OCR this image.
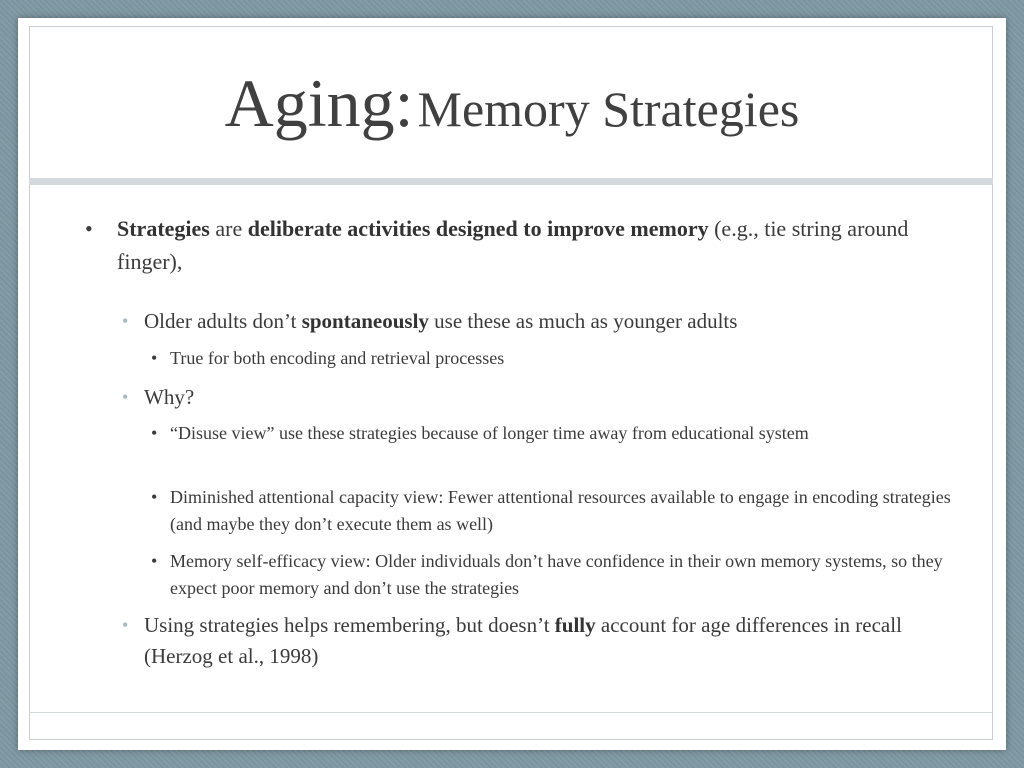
Aging: Memory Strategies
• Strategies are deliberate activities designed to improve memory (e.g., tie string around finger),
• Older adults don’t spontaneously use these as much as younger adults
• True for both encoding and retrieval processes
• Why?
• “Disuse view” use these strategies because of longer time away from educational system
• Diminished attentional capacity view: Fewer attentional resources available to engage in encoding strategies (and maybe they don’t execute them as well)
• Memory self-efficacy view: Older individuals don’t have confidence in their own memory systems, so they expect poor memory and don’t use the strategies
• Using strategies helps remembering, but doesn’t fully account for age differences in recall (Herzog et al., 1998)
